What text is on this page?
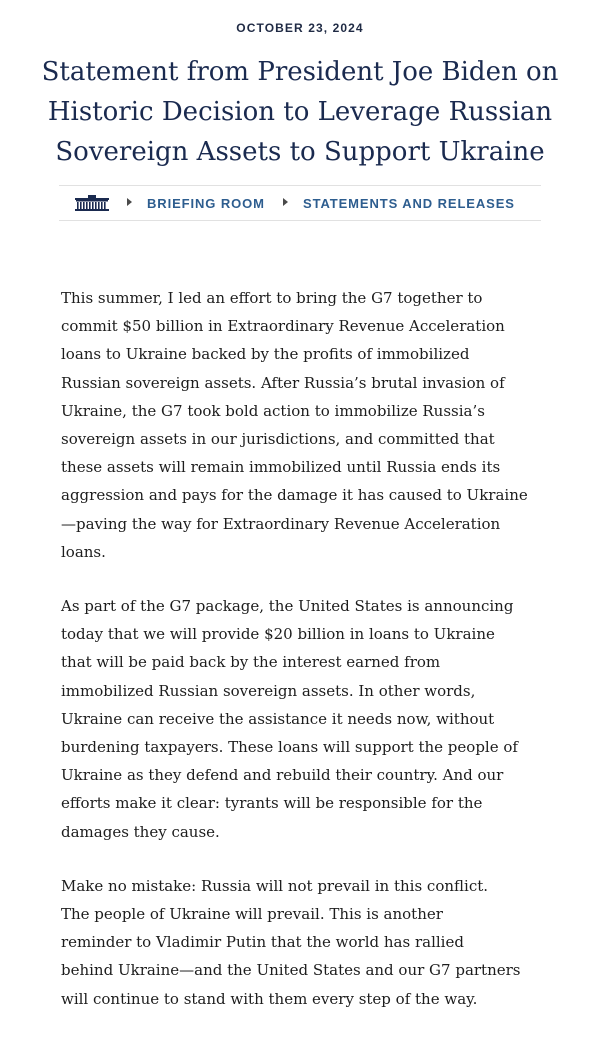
OCTOBER 23, 2024
Statement from President Joe Biden on
Historic Decision to Leverage Russian
Sovereign Assets to Support Ukraine
BRIEFING ROOM	STATEMENTS AND RELEASES

This summer, I led an effort to bring the G7 together to
commit $50 billion in Extraordinary Revenue Acceleration
loans to Ukraine backed by the profits of immobilized
Russian sovereign assets. After Russia’s brutal invasion of
Ukraine, the G7 took bold action to immobilize Russia’s
sovereign assets in our jurisdictions, and committed that
these assets will remain immobilized until Russia ends its
aggression and pays for the damage it has caused to Ukraine
—paving the way for Extraordinary Revenue Acceleration
loans.

As part of the G7 package, the United States is announcing
today that we will provide $20 billion in loans to Ukraine
that will be paid back by the interest earned from
immobilized Russian sovereign assets. In other words,
Ukraine can receive the assistance it needs now, without
burdening taxpayers. These loans will support the people of
Ukraine as they defend and rebuild their country. And our
efforts make it clear: tyrants will be responsible for the
damages they cause.

Make no mistake: Russia will not prevail in this conflict.
The people of Ukraine will prevail. This is another
reminder to Vladimir Putin that the world has rallied
behind Ukraine—and the United States and our G7 partners
will continue to stand with them every step of the way.
